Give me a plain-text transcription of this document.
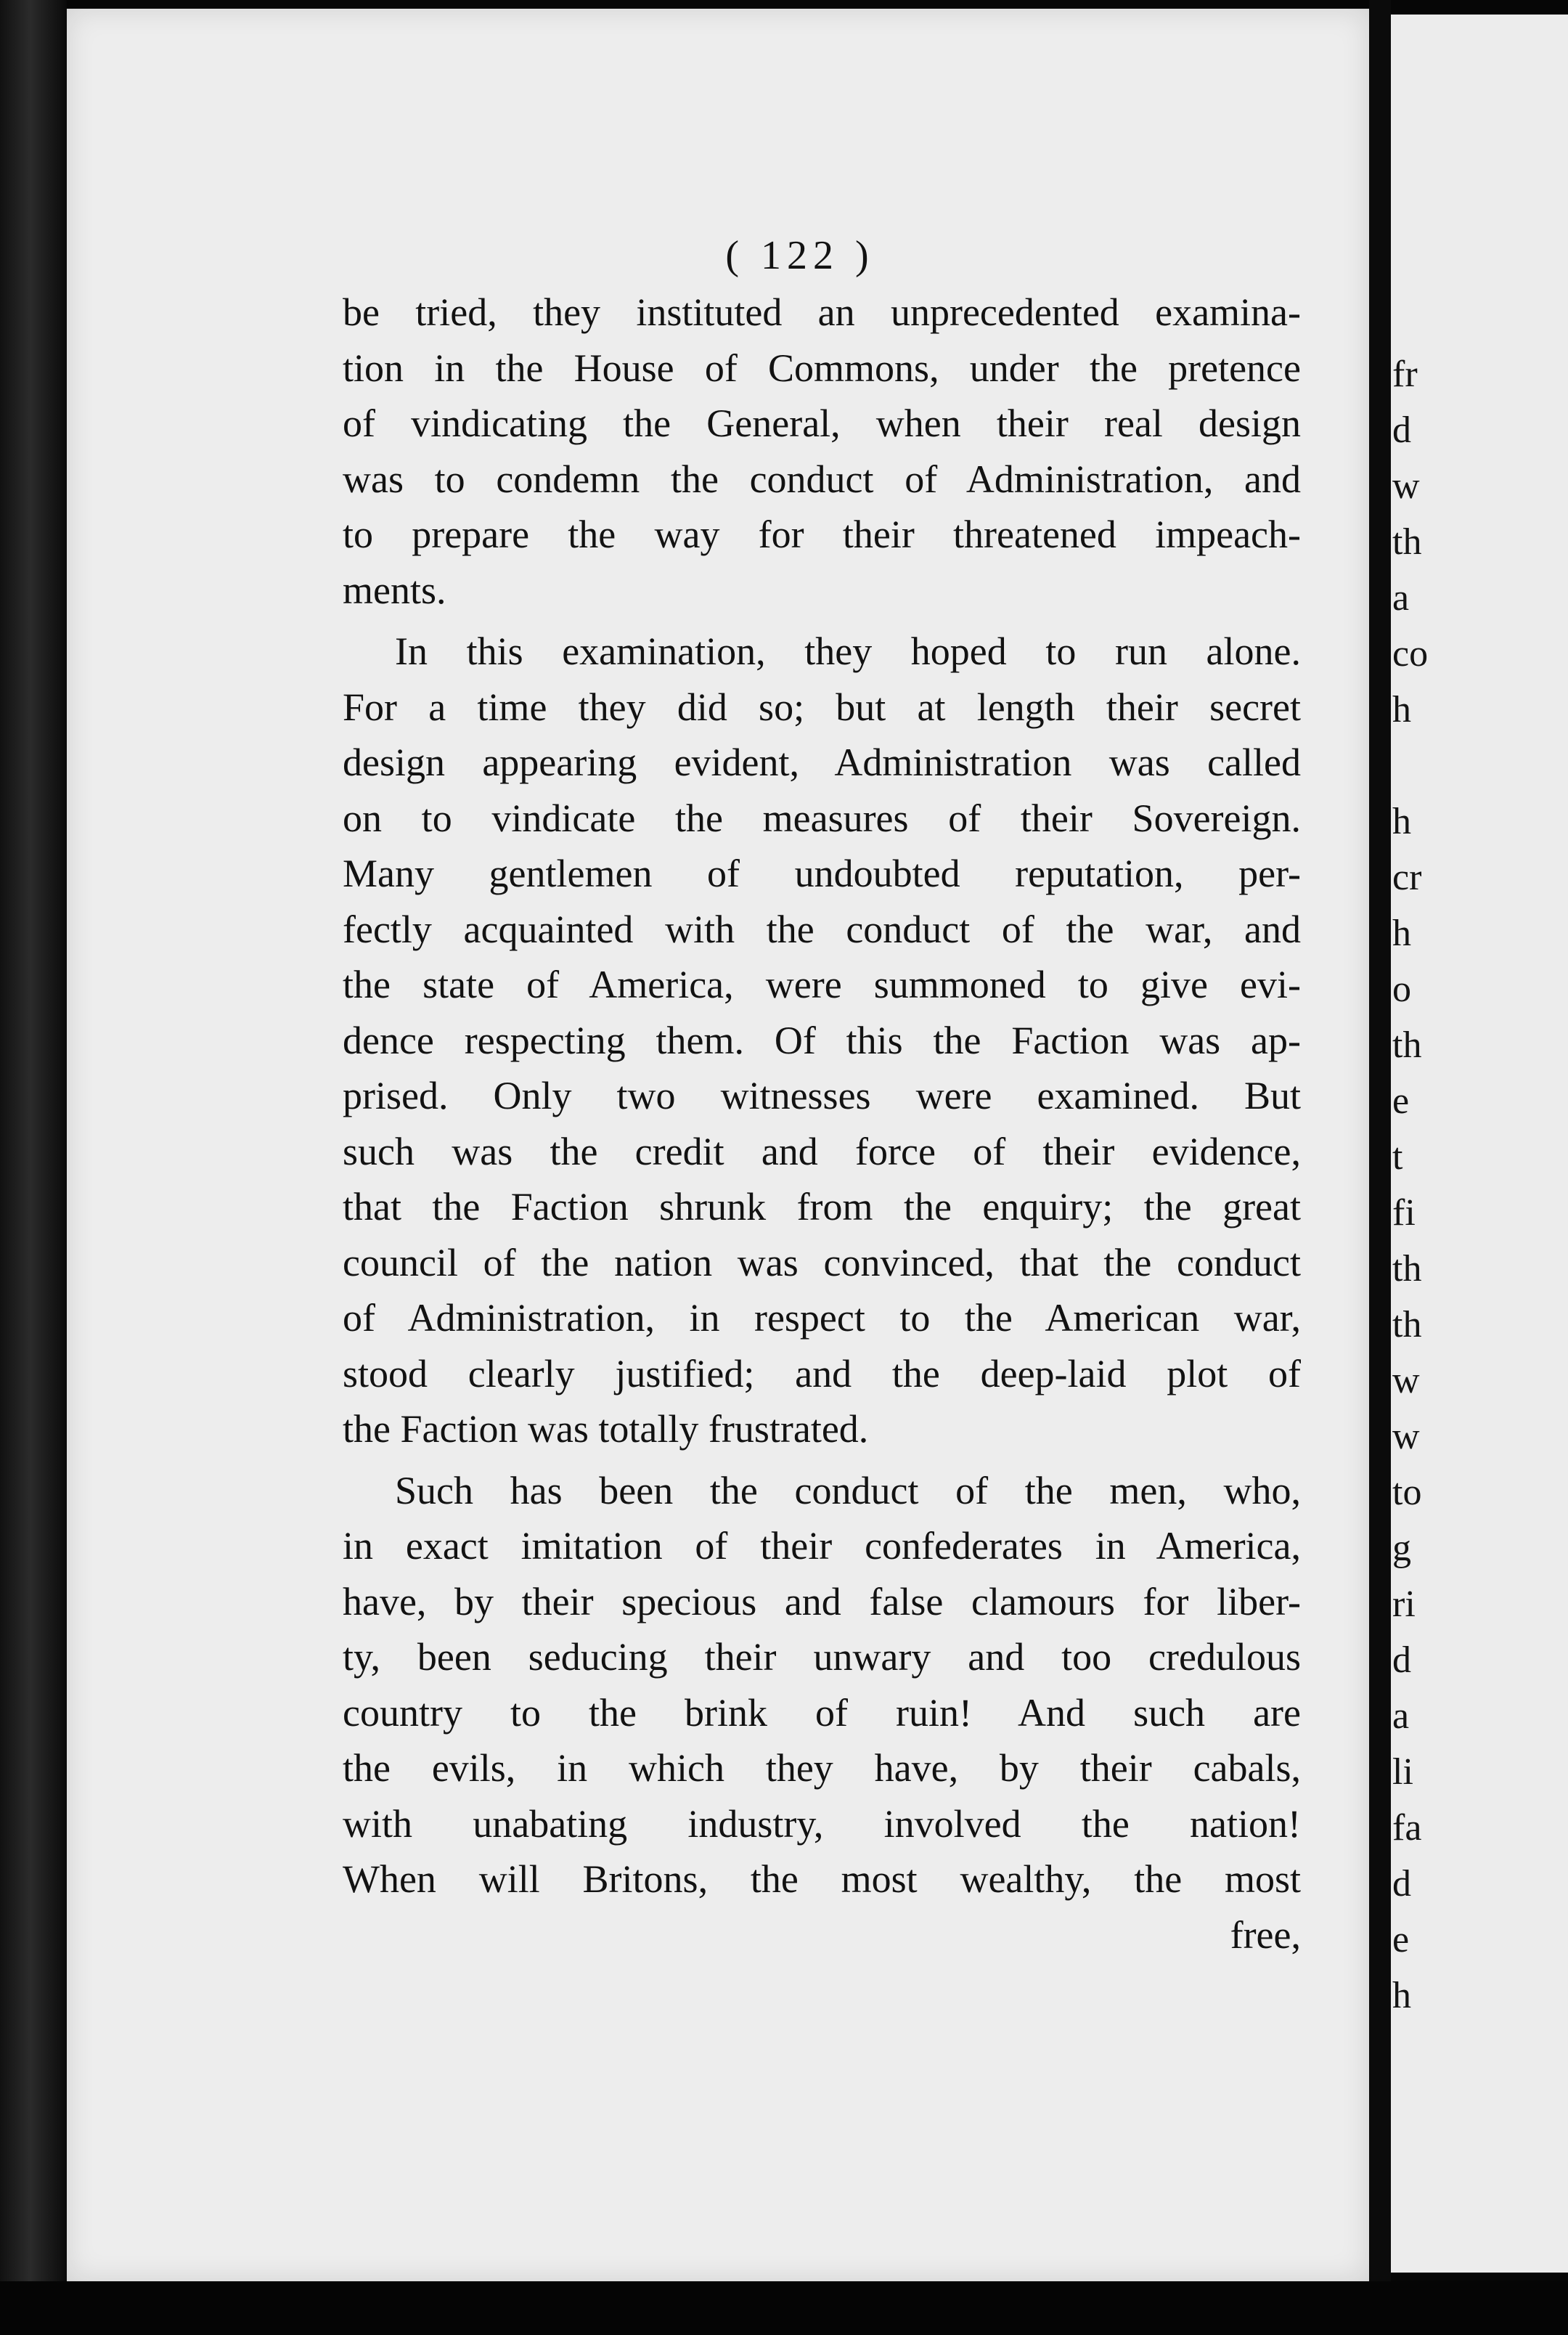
( 122 )
be tried, they instituted an unprecedented examina-
tion in the House of Commons, under the pretence
of vindicating the General, when their real design
was to condemn the conduct of Administration, and
to prepare the way for their threatened impeach-
ments.
In this examination, they hoped to run alone.
For a time they did so; but at length their secret
design appearing evident, Administration was called
on to vindicate the measures of their Sovereign.
Many gentlemen of undoubted reputation, per-
fectly acquainted with the conduct of the war, and
the state of America, were summoned to give evi-
dence respecting them. Of this the Faction was ap-
prised. Only two witnesses were examined. But
such was the credit and force of their evidence,
that the Faction shrunk from the enquiry; the great
council of the nation was convinced, that the conduct
of Administration, in respect to the American war,
stood clearly justified; and the deep-laid plot of
the Faction was totally frustrated.
Such has been the conduct of the men, who,
in exact imitation of their confederates in America,
have, by their specious and false clamours for liber-
ty, been seducing their unwary and too credulous
country to the brink of ruin! And such are
the evils, in which they have, by their cabals,
with unabating industry, involved the nation!
When will Britons, the most wealthy, the most
free,
fr
d
w
th
a
co
h
h
cr
h
o
th
e
t
fi
th
th
w
w
to
g
ri
d
a
li
fa
d
e
h
